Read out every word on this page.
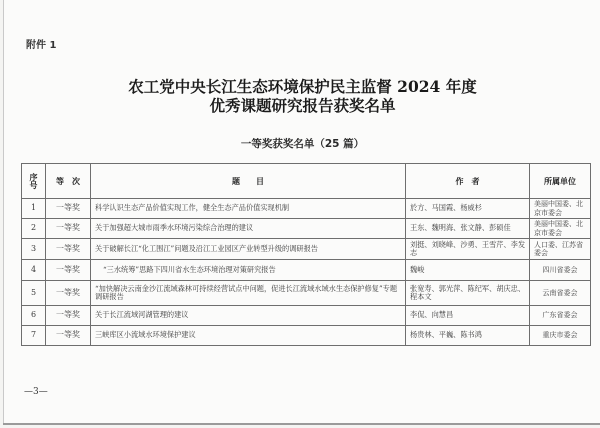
附件 1
农工党中央长江生态环境保护民主监督 2024 年度
优秀课题研究报告获奖名单
一等奖获奖名单（25 篇）
序
号	等　次	题　　目	作　者	所属单位
1	一等奖	科学认识生态产品价值实现工作，健全生态产品价值实现机制	於方、马国霞、杨威杉	美丽中国委、北京市委会
2	一等奖	关于加强超大城市雨季水环境污染综合治理的建议	王东、魏明海、张文静、彭硕佳	美丽中国委、北京市委会
3	一等奖	关于破解长江“化工围江”问题及沿江工业园区产业转型升级的调研报告	刘挺、刘晓峰、沙勇、王雪芹、李发志	人口委、江苏省委会
4	一等奖	“三水统筹”思路下四川省水生态环境治理对策研究报告	魏峻	四川省委会
5	一等奖	“加快解决云南金沙江流域森林可持续经营试点中问题，促进长江流域水域水生态保护修复”专题调研报告	张宽寿、郭光萍、陈纪军、胡庆忠、程本文	云南省委会
6	一等奖	关于长江流域河湖管理的建议	李侃、向慧昌	广东省委会
7	一等奖	三峡库区小流域水环境保护建议	杨贵林、平巍、陈书鸿	重庆市委会
—3—
